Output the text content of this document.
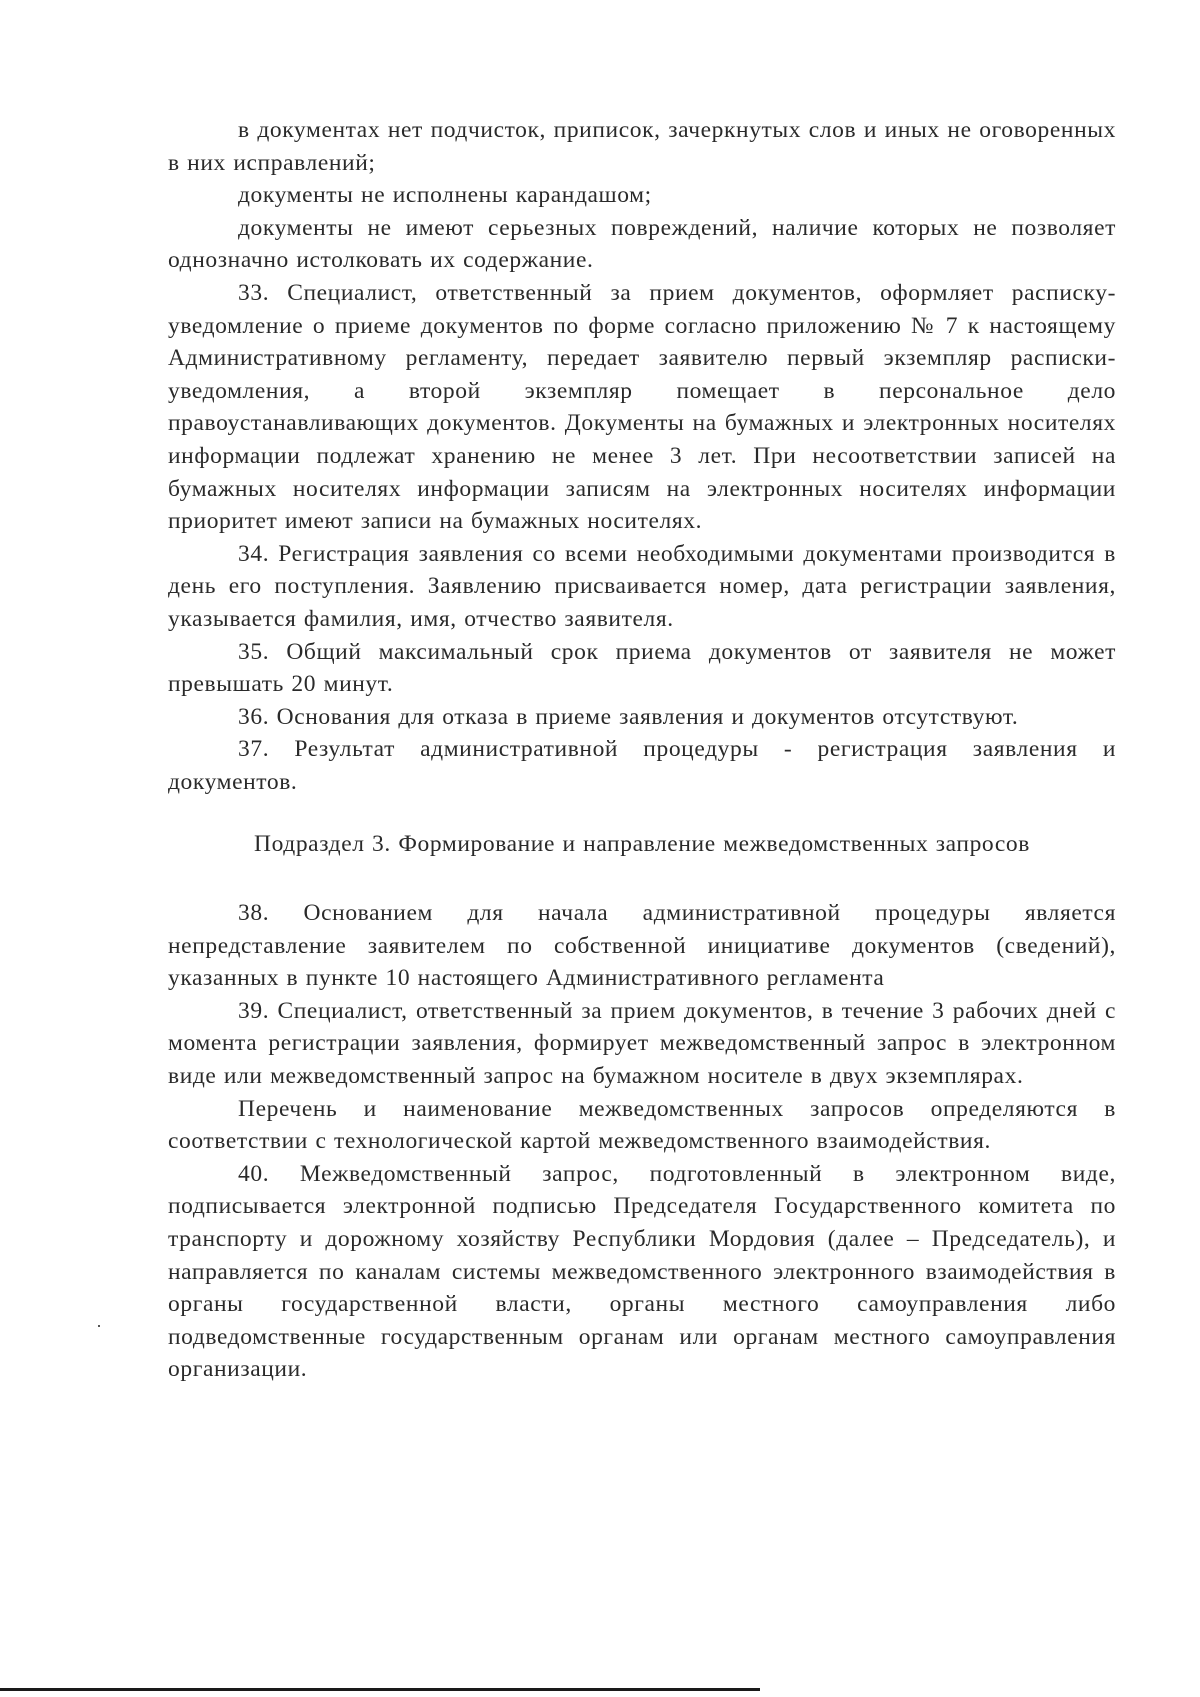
в документах нет подчисток, приписок, зачеркнутых слов и иных не оговоренных в них исправлений;

документы не исполнены карандашом;

документы не имеют серьезных повреждений, наличие которых не позволяет однозначно истолковать их содержание.

33. Специалист, ответственный за прием документов, оформляет расписку-уведомление о приеме документов по форме согласно приложению № 7 к настоящему Административному регламенту, передает заявителю первый экземпляр расписки-уведомления, а второй экземпляр помещает в персональное дело правоустанавливающих документов. Документы на бумажных и электронных носителях информации подлежат хранению не менее 3 лет. При несоответствии записей на бумажных носителях информации записям на электронных носителях информации приоритет имеют записи на бумажных носителях.

34. Регистрация заявления со всеми необходимыми документами производится в день его поступления. Заявлению присваивается номер, дата регистрации заявления, указывается фамилия, имя, отчество заявителя.

35. Общий максимальный срок приема документов от заявителя не может превышать 20 минут.

36. Основания для отказа в приеме заявления и документов отсутствуют.

37. Результат административной процедуры - регистрация заявления и документов.

Подраздел 3. Формирование и направление межведомственных запросов

38. Основанием для начала административной процедуры является непредставление заявителем по собственной инициативе документов (сведений), указанных в пункте 10 настоящего Административного регламента

39. Специалист, ответственный за прием документов, в течение 3 рабочих дней с момента регистрации заявления, формирует межведомственный запрос в электронном виде или межведомственный запрос на бумажном носителе в двух экземплярах.

Перечень и наименование межведомственных запросов определяются в соответствии с технологической картой межведомственного взаимодействия.

40. Межведомственный запрос, подготовленный в электронном виде, подписывается электронной подписью Председателя Государственного комитета по транспорту и дорожному хозяйству Республики Мордовия (далее – Председатель), и направляется по каналам системы межведомственного электронного взаимодействия в органы государственной власти, органы местного самоуправления либо подведомственные государственным органам или органам местного самоуправления организации.
